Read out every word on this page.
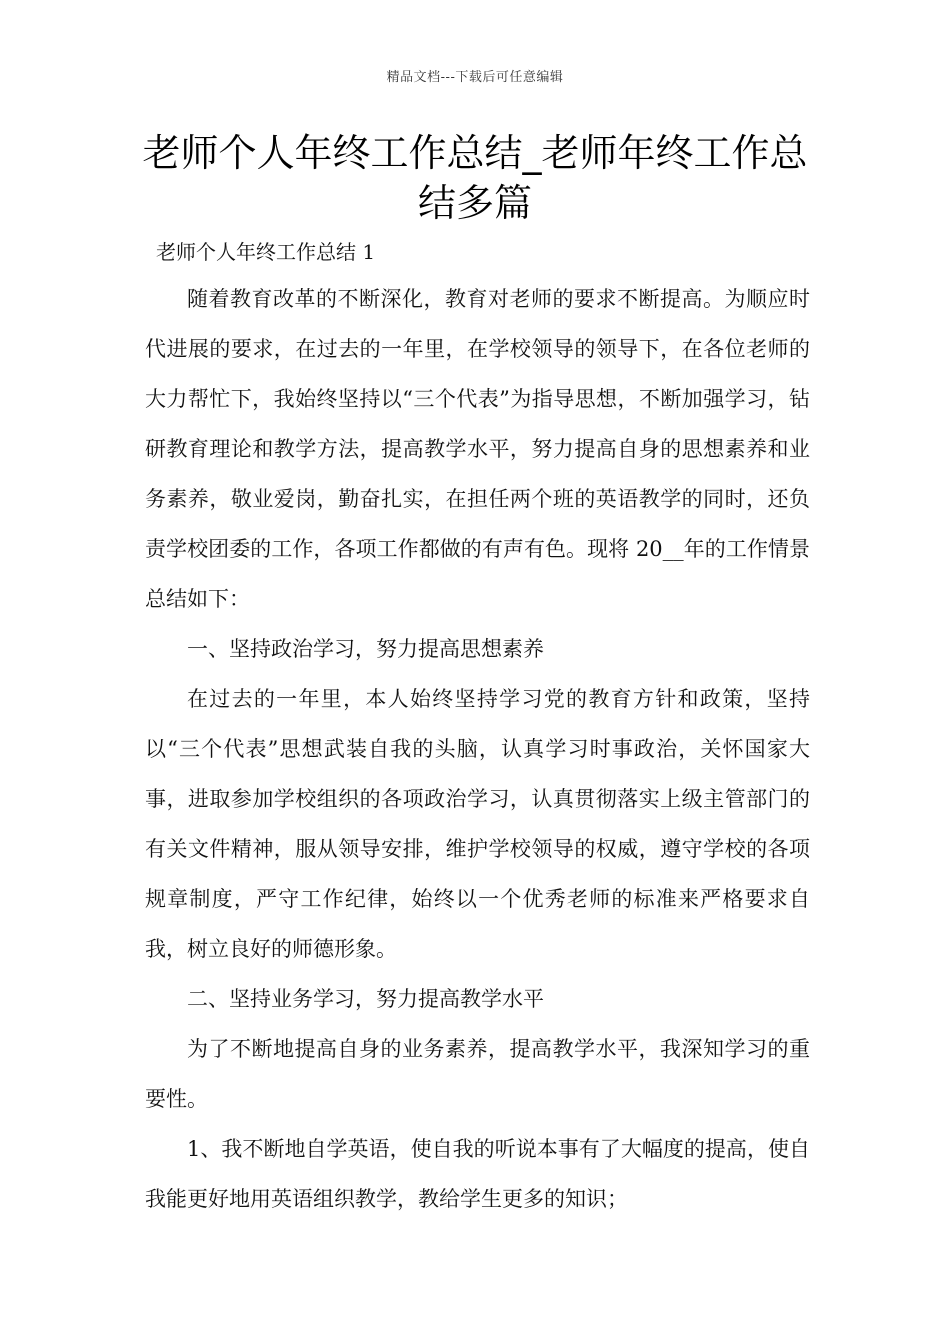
精品文档---下载后可任意编辑
老师个人年终工作总结_老师年终工作总结多篇
老师个人年终工作总结 1

随着教育改革的不断深化，教育对老师的要求不断提高。为顺应时代进展的要求，在过去的一年里，在学校领导的领导下，在各位老师的大力帮忙下，我始终坚持以“三个代表”为指导思想，不断加强学习，钻研教育理论和教学方法，提高教学水平，努力提高自身的思想素养和业务素养，敬业爱岗，勤奋扎实，在担任两个班的英语教学的同时，还负责学校团委的工作，各项工作都做的有声有色。现将 20__年的工作情景总结如下：

一、坚持政治学习，努力提高思想素养

在过去的一年里，本人始终坚持学习党的教育方针和政策，坚持以“三个代表”思想武装自我的头脑，认真学习时事政治，关怀国家大事，进取参加学校组织的各项政治学习，认真贯彻落实上级主管部门的有关文件精神，服从领导安排，维护学校领导的权威，遵守学校的各项规章制度，严守工作纪律，始终以一个优秀老师的标准来严格要求自我，树立良好的师德形象。

二、坚持业务学习，努力提高教学水平

为了不断地提高自身的业务素养，提高教学水平，我深知学习的重要性。

1、我不断地自学英语，使自我的听说本事有了大幅度的提高，使自我能更好地用英语组织教学，教给学生更多的知识；
